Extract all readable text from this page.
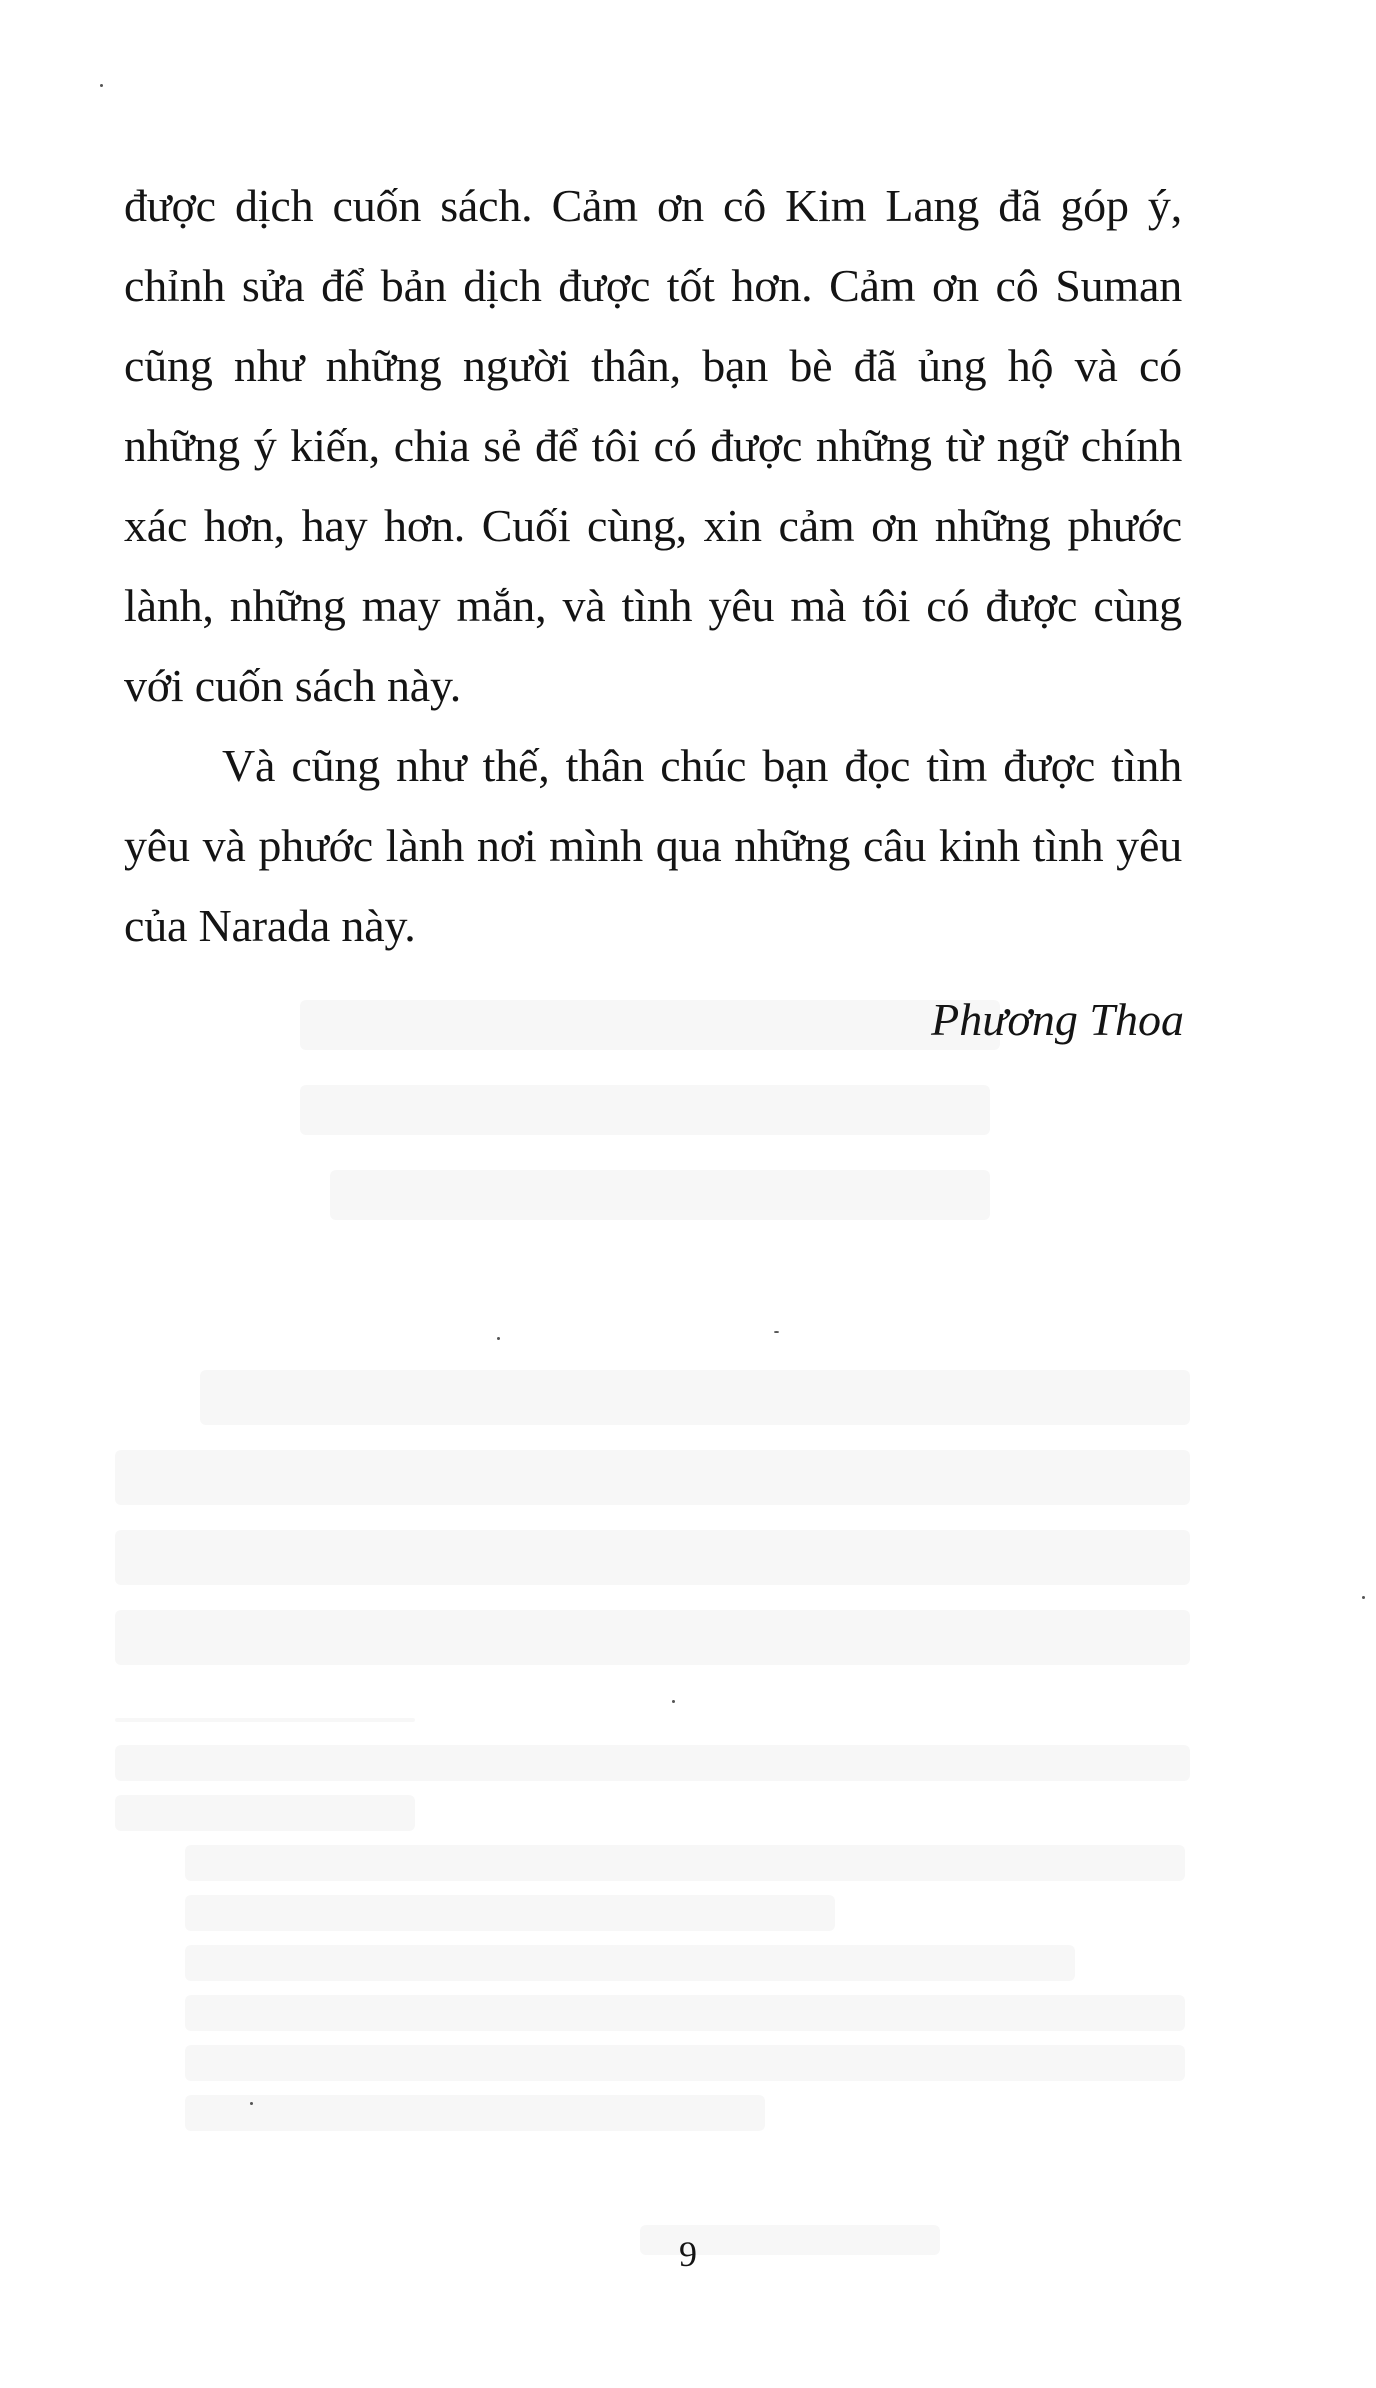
được dịch cuốn sách. Cảm ơn cô Kim Lang đã góp ý, chỉnh sửa để bản dịch được tốt hơn. Cảm ơn cô Suman cũng như những người thân, bạn bè đã ủng hộ và có những ý kiến, chia sẻ để tôi có được những từ ngữ chính xác hơn, hay hơn. Cuối cùng, xin cảm ơn những phước lành, những may mắn, và tình yêu mà tôi có được cùng với cuốn sách này.

Và cũng như thế, thân chúc bạn đọc tìm được tình yêu và phước lành nơi mình qua những câu kinh tình yêu của Narada này.

Phương Thoa
9
